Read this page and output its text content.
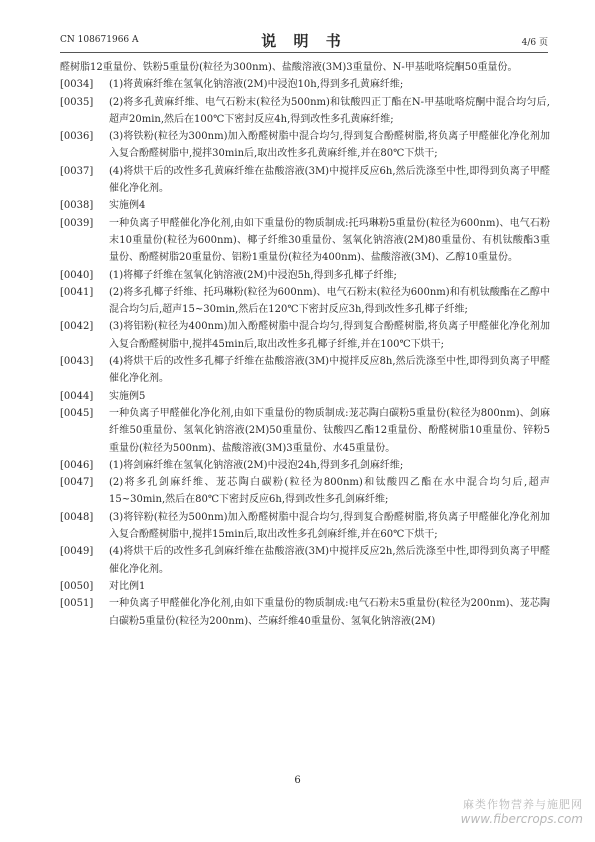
CN 108671966 A	说 明 书	4/6 页
醛树脂12重量份、铁粉5重量份(粒径为300nm)、盐酸溶液(3M)3重量份、N-甲基吡咯烷酮50重量份。
[0034] (1)将黄麻纤维在氢氧化钠溶液(2M)中浸泡10h,得到多孔黄麻纤维;
[0035] (2)将多孔黄麻纤维、电气石粉末(粒径为500nm)和钛酸四正丁酯在N-甲基吡咯烷酮中混合均匀后,超声20min,然后在100℃下密封反应4h,得到改性多孔黄麻纤维;
[0036] (3)将铁粉(粒径为300nm)加入酚醛树脂中混合均匀,得到复合酚醛树脂,将负离子甲醛催化净化剂加入复合酚醛树脂中,搅拌30min后,取出改性多孔黄麻纤维,并在80℃下烘干;
[0037] (4)将烘干后的改性多孔黄麻纤维在盐酸溶液(3M)中搅拌反应6h,然后洗涤至中性,即得到负离子甲醛催化净化剂。
[0038] 实施例4
[0039] 一种负离子甲醛催化净化剂,由如下重量份的物质制成:托玛琳粉5重量份(粒径为600nm)、电气石粉末10重量份(粒径为600nm)、椰子纤维30重量份、氢氧化钠溶液(2M)80重量份、有机钛酸酯3重量份、酚醛树脂20重量份、铝粉1重量份(粒径为400nm)、盐酸溶液(3M)、乙醇10重量份。
[0040] (1)将椰子纤维在氢氧化钠溶液(2M)中浸泡5h,得到多孔椰子纤维;
[0041] (2)将多孔椰子纤维、托玛琳粉(粒径为600nm)、电气石粉末(粒径为600nm)和有机钛酸酯在乙醇中混合均匀后,超声15~30min,然后在120℃下密封反应3h,得到改性多孔椰子纤维;
[0042] (3)将铝粉(粒径为400nm)加入酚醛树脂中混合均匀,得到复合酚醛树脂,将负离子甲醛催化净化剂加入复合酚醛树脂中,搅拌45min后,取出改性多孔椰子纤维,并在100℃下烘干;
[0043] (4)将烘干后的改性多孔椰子纤维在盐酸溶液(3M)中搅拌反应8h,然后洗涤至中性,即得到负离子甲醛催化净化剂。
[0044] 实施例5
[0045] 一种负离子甲醛催化净化剂,由如下重量份的物质制成:茏芯陶白碳粉5重量份(粒径为800nm)、剑麻纤维50重量份、氢氧化钠溶液(2M)50重量份、钛酸四乙酯12重量份、酚醛树脂10重量份、锌粉5重量份(粒径为500nm)、盐酸溶液(3M)3重量份、水45重量份。
[0046] (1)将剑麻纤维在氢氧化钠溶液(2M)中浸泡24h,得到多孔剑麻纤维;
[0047] (2)将多孔剑麻纤维、茏芯陶白碳粉(粒径为800nm)和钛酸四乙酯在水中混合均匀后,超声15~30min,然后在80℃下密封反应6h,得到改性多孔剑麻纤维;
[0048] (3)将锌粉(粒径为500nm)加入酚醛树脂中混合均匀,得到复合酚醛树脂,将负离子甲醛催化净化剂加入复合酚醛树脂中,搅拌15min后,取出改性多孔剑麻纤维,并在60℃下烘干;
[0049] (4)将烘干后的改性多孔剑麻纤维在盐酸溶液(3M)中搅拌反应2h,然后洗涤至中性,即得到负离子甲醛催化净化剂。
[0050] 对比例1
[0051] 一种负离子甲醛催化净化剂,由如下重量份的物质制成:电气石粉末5重量份(粒径为200nm)、茏芯陶白碳粉5重量份(粒径为200nm)、苎麻纤维40重量份、氢氧化钠溶液(2M)
6
麻类作物营养与施肥网
www.fibercrops.com
